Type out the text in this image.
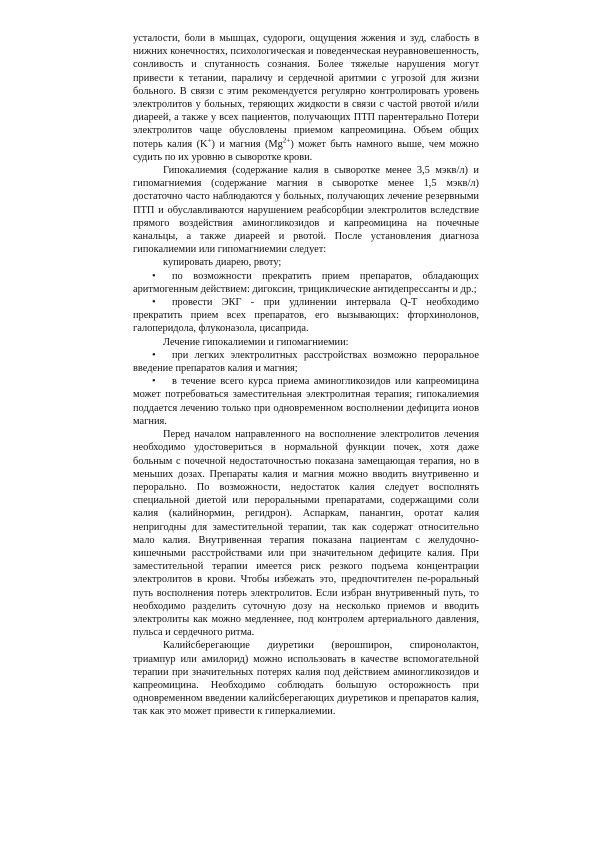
усталости, боли в мышцах, судороги, ощущения жжения и зуд, слабость в нижних конечностях, психологическая и поведенческая неуравновешенность, сонливость и спутанность сознания. Более тяжелые нарушения могут привести к тетании, параличу и сердечной аритмии с угрозой для жизни больного. В связи с этим рекомендуется регулярно контролировать уровень электролитов у больных, теряющих жидкости в связи с частой рвотой и/или диареей, а также у всех пациентов, получающих ПТП парентерально Потери электролитов чаще обусловлены приемом капреомицина. Объем общих потерь калия (K+) и магния $(Mg^{2+})$ может быть намного выше, чем можно судить по их уровню в сыворотке крови.

Гипокалиемия (содержание калия в сыворотке менее 3,5 мэкв/л) и гипомагниемия (содержание магния в сыворотке менее 1,5 мэкв/л) достаточно часто наблюдаются у больных, получающих лечение резервными ПТП и обуславливаются нарушением реабсорбции электролитов вследствие прямого воздействия аминогликозидов и капреомицина на почечные канальцы, а также диареей и рвотой. После установления диагноза гипокалиемии или гипомагниемии следует:

купировать диарею, рвоту;

• по возможности прекратить прием препаратов, обладающих аритмогенным действием: дигоксин, трициклические антидепрессанты и др.;

• провести ЭКГ - при удлинении интервала Q-T необходимо прекратить прием всех препаратов, его вызывающих: фторхинолонов, галоперидола, флуконазола, цисаприда.

Лечение гипокалиемии и гипомагниемии:

• при легких электролитных расстройствах возможно пероральное введение препаратов калия и магния;

• в течение всего курса приема аминогликозидов или капреомицина может потребоваться заместительная электролитная терапия; гипокалиемия поддается лечению только при одновременном восполнении дефицита ионов магния.

Перед началом направленного на восполнение электролитов лечения необходимо удостовериться в нормальной функции почек, хотя даже больным с почечной недостаточностью показана замещающая терапия, но в меньших дозах. Препараты калия и магния можно вводить внутривенно и перорально. По возможности, недостаток калия следует восполнять специальной диетой или пероральными препаратами, содержащими соли калия (калийнормин, регидрон). Аспаркам, панангин, оротат калия непригодны для заместительной терапии, так как содержат относительно мало калия. Внутривенная терапия показана пациентам с желудочно-кишечными расстройствами или при значительном дефиците калия. При заместительной терапии имеется риск резкого подъема концентрации электролитов в крови. Чтобы избежать это, предпочтителен пе-роральный путь восполнения потерь электролитов. Если избран внутривенный путь, то необходимо разделить суточную дозу на несколько приемов и вводить электролиты как можно медленнее, под контролем артериального давления, пульса и сердечного ритма.

Калийсберегающие диуретики (верошпирон, спиронолактон, триампур или амилорид) можно использовать в качестве вспомогательной терапии при значительных потерях калия под действием аминогликозидов и капреомицина. Необходимо соблюдать большую осторожность при одновременном введении калийсберегающих диуретиков и препаратов калия, так как это может привести к гиперкалиемии.
